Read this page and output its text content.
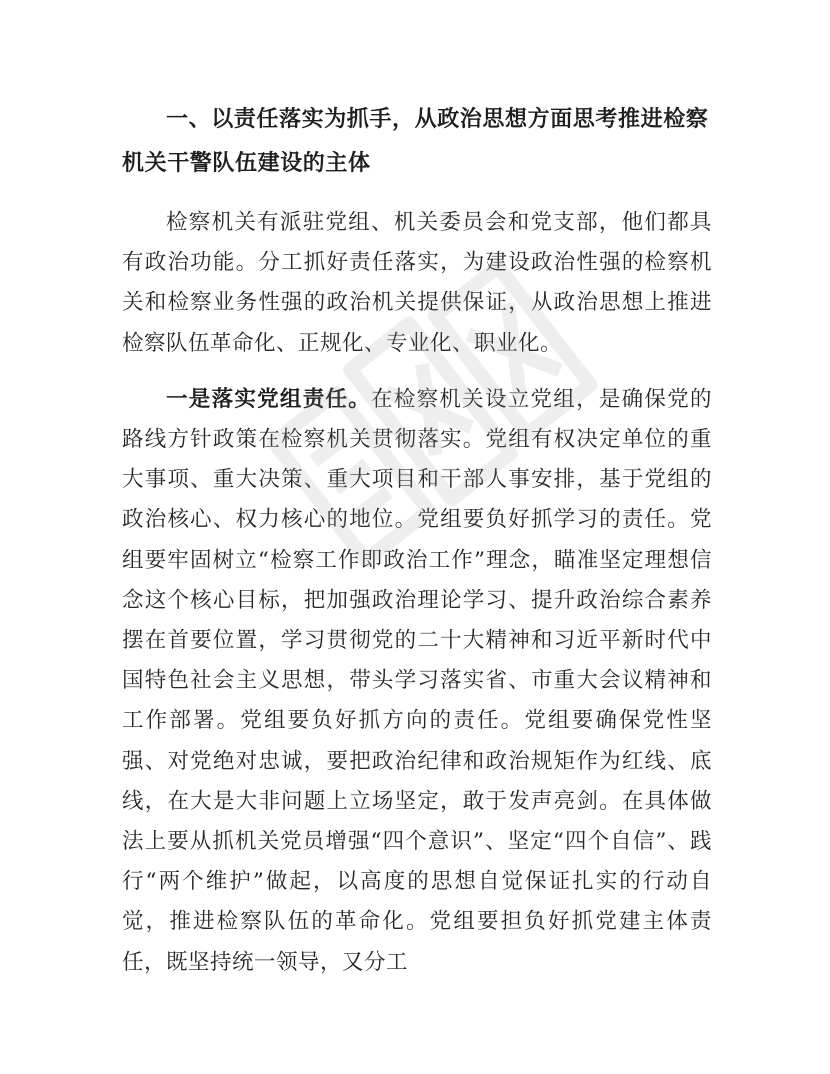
一、以责任落实为抓手，从政治思想方面思考推进检察机关干警队伍建设的主体

检察机关有派驻党组、机关委员会和党支部，他们都具有政治功能。分工抓好责任落实，为建设政治性强的检察机关和检察业务性强的政治机关提供保证，从政治思想上推进检察队伍革命化、正规化、专业化、职业化。

一是落实党组责任。在检察机关设立党组，是确保党的路线方针政策在检察机关贯彻落实。党组有权决定单位的重大事项、重大决策、重大项目和干部人事安排，基于党组的政治核心、权力核心的地位。党组要负好抓学习的责任。党组要牢固树立“检察工作即政治工作”理念，瞄准坚定理想信念这个核心目标，把加强政治理论学习、提升政治综合素养摆在首要位置，学习贯彻党的二十大精神和习近平新时代中国特色社会主义思想，带头学习落实省、市重大会议精神和工作部署。党组要负好抓方向的责任。党组要确保党性坚强、对党绝对忠诚，要把政治纪律和政治规矩作为红线、底线，在大是大非问题上立场坚定，敢于发声亮剑。在具体做法上要从抓机关党员增强“四个意识”、坚定“四个自信”、践行“两个维护”做起，以高度的思想自觉保证扎实的行动自觉，推进检察队伍的革命化。党组要担负好抓党建主体责任，既坚持统一领导，又分工
